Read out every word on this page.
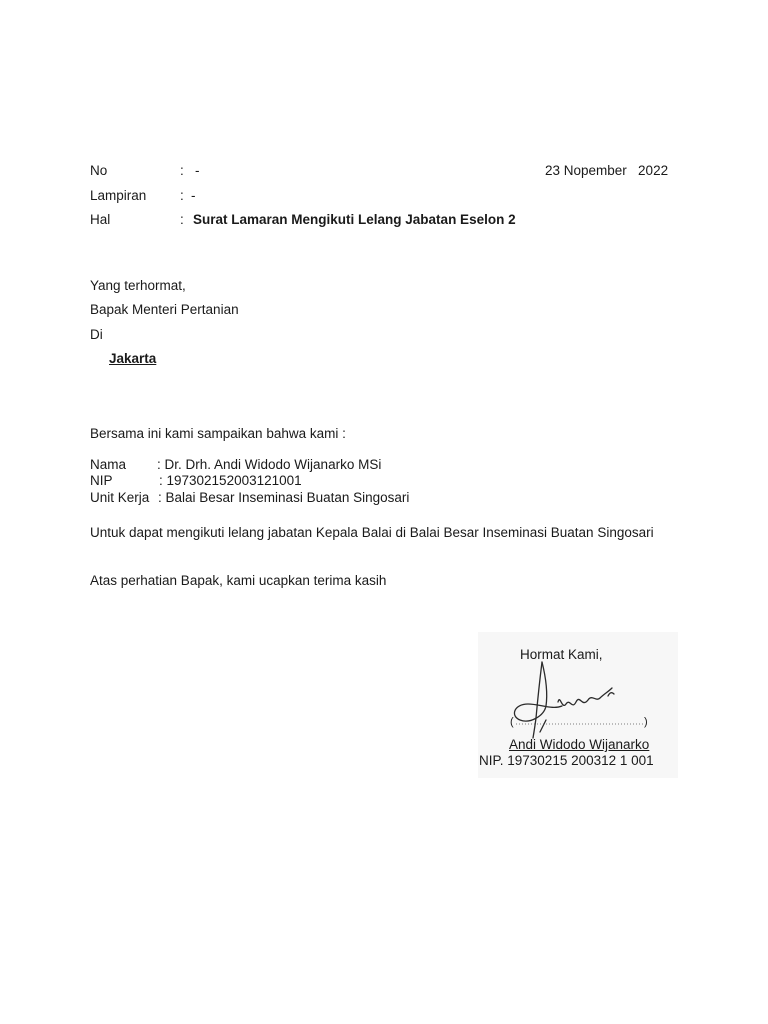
No	: -	23 Nopember   2022
Lampiran : -
Hal	: Surat Lamaran Mengikuti Lelang Jabatan Eselon 2
Yang terhormat,
Bapak Menteri Pertanian
Di
Jakarta
Bersama ini kami sampaikan bahwa kami :
Nama : Dr. Drh. Andi Widodo Wijanarko MSi
NIP	: 197302152003121001
Unit Kerja : Balai Besar Inseminasi Buatan Singosari
Untuk dapat mengikuti lelang jabatan Kepala Balai di Balai Besar Inseminasi Buatan Singosari
Atas perhatian Bapak, kami ucapkan terima kasih
Hormat Kami,
(	)
Andi Widodo Wijanarko
NIP. 19730215 200312 1 001
